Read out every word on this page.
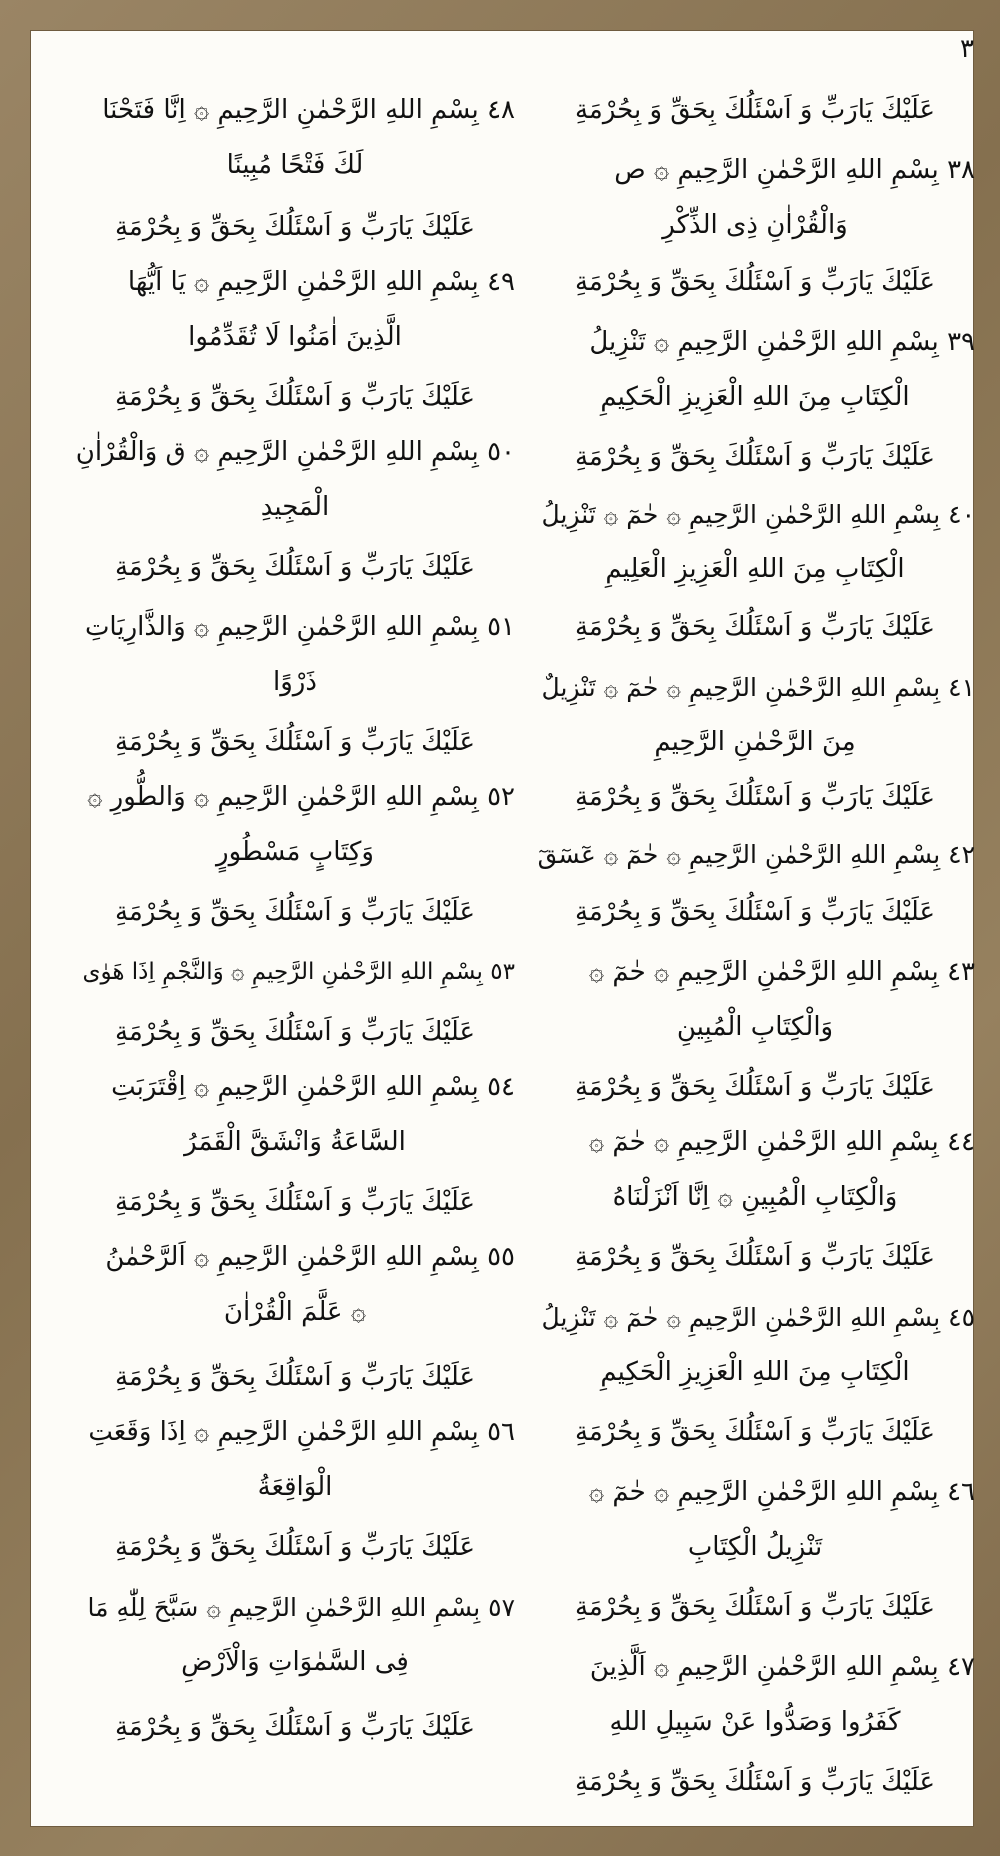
٣
عَلَيْكَ يَارَبِّ وَ اَسْئَلُكَ بِحَقِّ وَ بِحُرْمَةِ
٣٨ بِسْمِ اللهِ الرَّحْمٰنِ الرَّحِيمِ ۞ ص
وَالْقُرْاٰنِ ذِى الذِّكْرِ
عَلَيْكَ يَارَبِّ وَ اَسْئَلُكَ بِحَقِّ وَ بِحُرْمَةِ
٣٩ بِسْمِ اللهِ الرَّحْمٰنِ الرَّحِيمِ ۞ تَنْزِيلُ
الْكِتَابِ مِنَ اللهِ الْعَزِيزِ الْحَكِيمِ
عَلَيْكَ يَارَبِّ وَ اَسْئَلُكَ بِحَقِّ وَ بِحُرْمَةِ
٤٠ بِسْمِ اللهِ الرَّحْمٰنِ الرَّحِيمِ ۞ حٰمٓ ۞ تَنْزِيلُ
الْكِتَابِ مِنَ اللهِ الْعَزِيزِ الْعَلِيمِ
عَلَيْكَ يَارَبِّ وَ اَسْئَلُكَ بِحَقِّ وَ بِحُرْمَةِ
٤١ بِسْمِ اللهِ الرَّحْمٰنِ الرَّحِيمِ ۞ حٰمٓ ۞ تَنْزِيلٌ
مِنَ الرَّحْمٰنِ الرَّحِيمِ
عَلَيْكَ يَارَبِّ وَ اَسْئَلُكَ بِحَقِّ وَ بِحُرْمَةِ
٤٢ بِسْمِ اللهِ الرَّحْمٰنِ الرَّحِيمِ ۞ حٰمٓ ۞ عٓسٓقٓ
عَلَيْكَ يَارَبِّ وَ اَسْئَلُكَ بِحَقِّ وَ بِحُرْمَةِ
٤٣ بِسْمِ اللهِ الرَّحْمٰنِ الرَّحِيمِ ۞ حٰمٓ ۞
وَالْكِتَابِ الْمُبِينِ
عَلَيْكَ يَارَبِّ وَ اَسْئَلُكَ بِحَقِّ وَ بِحُرْمَةِ
٤٤ بِسْمِ اللهِ الرَّحْمٰنِ الرَّحِيمِ ۞ حٰمٓ ۞
وَالْكِتَابِ الْمُبِينِ ۞ اِنَّا اَنْزَلْنَاهُ
عَلَيْكَ يَارَبِّ وَ اَسْئَلُكَ بِحَقِّ وَ بِحُرْمَةِ
٤٥ بِسْمِ اللهِ الرَّحْمٰنِ الرَّحِيمِ ۞ حٰمٓ ۞ تَنْزِيلُ
الْكِتَابِ مِنَ اللهِ الْعَزِيزِ الْحَكِيمِ
عَلَيْكَ يَارَبِّ وَ اَسْئَلُكَ بِحَقِّ وَ بِحُرْمَةِ
٤٦ بِسْمِ اللهِ الرَّحْمٰنِ الرَّحِيمِ ۞ حٰمٓ ۞
تَنْزِيلُ الْكِتَابِ
عَلَيْكَ يَارَبِّ وَ اَسْئَلُكَ بِحَقِّ وَ بِحُرْمَةِ
٤٧ بِسْمِ اللهِ الرَّحْمٰنِ الرَّحِيمِ ۞ اَلَّذِينَ
كَفَرُوا وَصَدُّوا عَنْ سَبِيلِ اللهِ
عَلَيْكَ يَارَبِّ وَ اَسْئَلُكَ بِحَقِّ وَ بِحُرْمَةِ
٤٨ بِسْمِ اللهِ الرَّحْمٰنِ الرَّحِيمِ ۞ اِنَّا فَتَحْنَا
لَكَ فَتْحًا مُبِينًا
عَلَيْكَ يَارَبِّ وَ اَسْئَلُكَ بِحَقِّ وَ بِحُرْمَةِ
٤٩ بِسْمِ اللهِ الرَّحْمٰنِ الرَّحِيمِ ۞ يَا اَيُّهَا
الَّذِينَ اٰمَنُوا لَا تُقَدِّمُوا
عَلَيْكَ يَارَبِّ وَ اَسْئَلُكَ بِحَقِّ وَ بِحُرْمَةِ
٥٠ بِسْمِ اللهِ الرَّحْمٰنِ الرَّحِيمِ ۞ ق وَالْقُرْاٰنِ
الْمَجِيدِ
عَلَيْكَ يَارَبِّ وَ اَسْئَلُكَ بِحَقِّ وَ بِحُرْمَةِ
٥١ بِسْمِ اللهِ الرَّحْمٰنِ الرَّحِيمِ ۞ وَالذَّارِيَاتِ
ذَرْوًا
عَلَيْكَ يَارَبِّ وَ اَسْئَلُكَ بِحَقِّ وَ بِحُرْمَةِ
٥٢ بِسْمِ اللهِ الرَّحْمٰنِ الرَّحِيمِ ۞ وَالطُّورِ ۞
وَكِتَابٍ مَسْطُورٍ
عَلَيْكَ يَارَبِّ وَ اَسْئَلُكَ بِحَقِّ وَ بِحُرْمَةِ
٥٣ بِسْمِ اللهِ الرَّحْمٰنِ الرَّحِيمِ ۞ وَالنَّجْمِ اِذَا هَوٰى
عَلَيْكَ يَارَبِّ وَ اَسْئَلُكَ بِحَقِّ وَ بِحُرْمَةِ
٥٤ بِسْمِ اللهِ الرَّحْمٰنِ الرَّحِيمِ ۞ اِقْتَرَبَتِ
السَّاعَةُ وَانْشَقَّ الْقَمَرُ
عَلَيْكَ يَارَبِّ وَ اَسْئَلُكَ بِحَقِّ وَ بِحُرْمَةِ
٥٥ بِسْمِ اللهِ الرَّحْمٰنِ الرَّحِيمِ ۞ اَلرَّحْمٰنُ
۞ عَلَّمَ الْقُرْاٰنَ
عَلَيْكَ يَارَبِّ وَ اَسْئَلُكَ بِحَقِّ وَ بِحُرْمَةِ
٥٦ بِسْمِ اللهِ الرَّحْمٰنِ الرَّحِيمِ ۞ اِذَا وَقَعَتِ
الْوَاقِعَةُ
عَلَيْكَ يَارَبِّ وَ اَسْئَلُكَ بِحَقِّ وَ بِحُرْمَةِ
٥٧ بِسْمِ اللهِ الرَّحْمٰنِ الرَّحِيمِ ۞ سَبَّحَ لِلّٰهِ مَا
فِى السَّمٰوَاتِ وَالْاَرْضِ
عَلَيْكَ يَارَبِّ وَ اَسْئَلُكَ بِحَقِّ وَ بِحُرْمَةِ
